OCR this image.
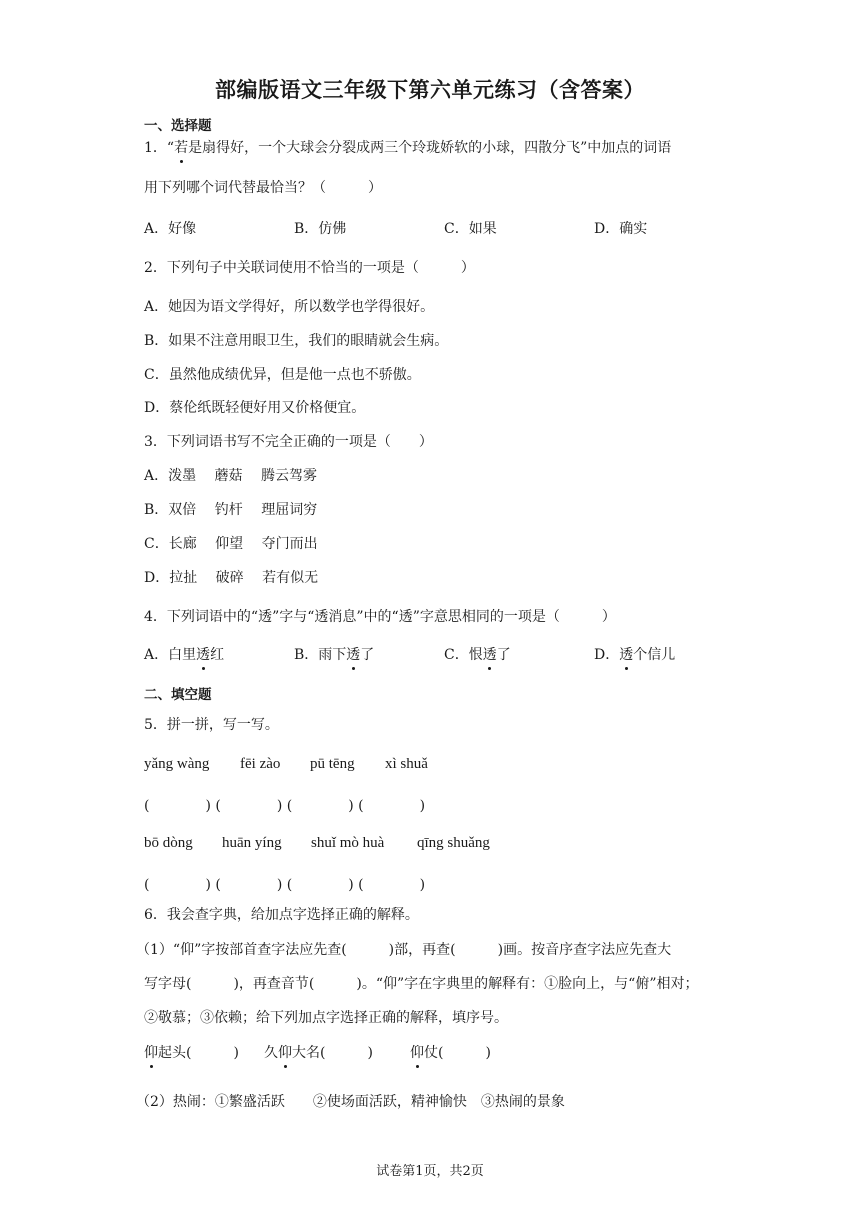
部编版语文三年级下第六单元练习（含答案）
一、选择题
1．“若是扇得好，一个大球会分裂成两三个玲珑娇软的小球，四散分飞”中加点的词语
用下列哪个词代替最恰当？（　　　）
A．好像	B．仿佛	C．如果	D．确实
2．下列句子中关联词使用不恰当的一项是（　　　）
A．她因为语文学得好，所以数学也学得很好。
B．如果不注意用眼卫生，我们的眼睛就会生病。
C．虽然他成绩优异，但是他一点也不骄傲。
D．蔡伦纸既轻便好用又价格便宜。
3．下列词语书写不完全正确的一项是（　　）
A．泼墨　 蘑菇　 腾云驾雾
B．双倍　 钓杆　 理屈词穷
C．长廊　 仰望　 夺门而出
D．拉扯　 破碎　 若有似无
4．下列词语中的“透”字与“透消息”中的“透”字意思相同的一项是（　　　）
A．白里透红	B．雨下透了	C．恨透了	D．透个信儿
二、填空题
5．拼一拼，写一写。
yǎng wàng fēi zào pū tēng xì shuǎ
(　　　　) (　　　　) (　　　　) (　　　　)
bō dòng huān yíng shuǐ mò huà qīng shuǎng
(　　　　) (　　　　) (　　　　) (　　　　)
6．我会查字典，给加点字选择正确的解释。
（1）“仰”字按部首查字法应先查(　　　)部，再查(　　　)画。按音序查字法应先查大
写字母(　　　)，再查音节(　　　)。“仰”字在字典里的解释有：①脸向上，与“俯”相对；
②敬慕；③依赖；给下列加点字选择正确的解释，填序号。
仰起头(　　　) 久仰大名(　　　)	仰仗(　　　)
（2）热闹：①繁盛活跃　　②使场面活跃，精神愉快　③热闹的景象
试卷第1页，共2页
